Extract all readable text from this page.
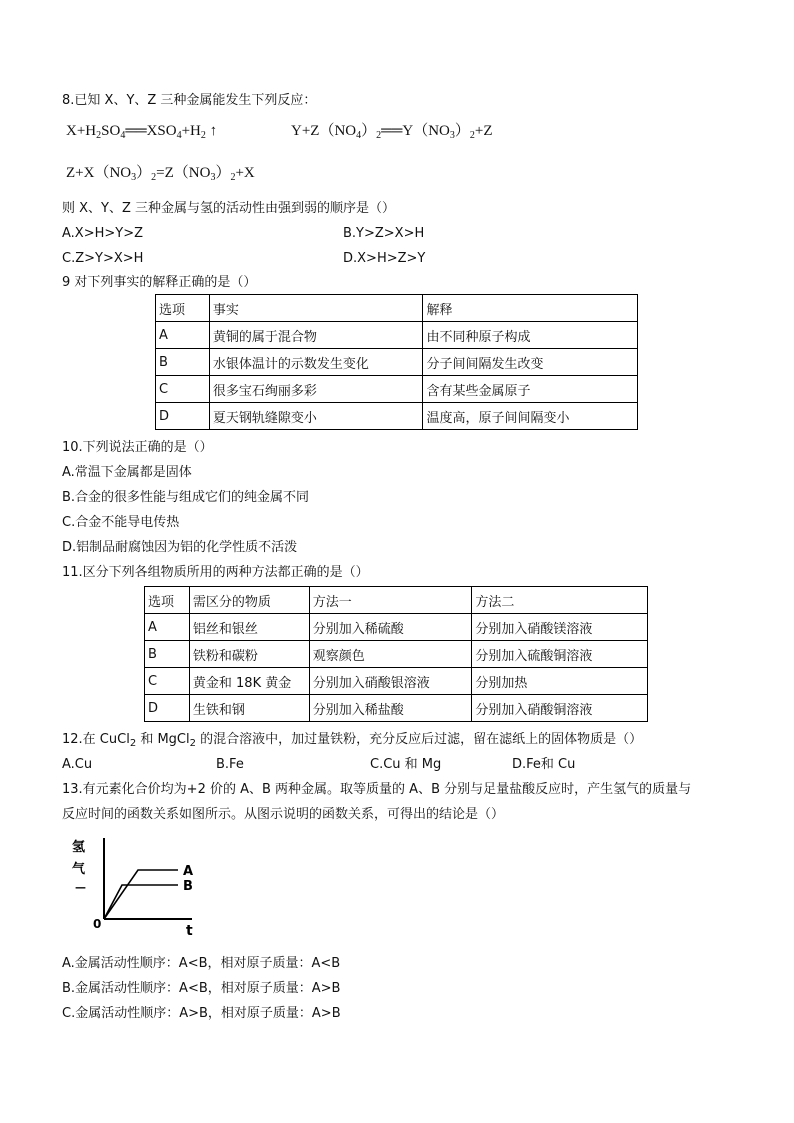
8.已知 X、Y、Z 三种金属能发生下列反应：
$X+H_2SO_4══XSO_4+H_2$ ↑	$Y+Z(NO_4)_2══Y(NO_3)_2+Z$
$Z+X(NO_3)_2=Z(NO_3)_2+X$
则 X、Y、Z 三种金属与氢的活动性由强到弱的顺序是（）
A.X>H>Y>Z	B.Y>Z>X>H
C.Z>Y>X>H	D.X>H>Z>Y
9 对下列事实的解释正确的是（）
选项	事实	解释
A	黄铜的属于混合物	由不同种原子构成
B	水银体温计的示数发生变化	分子间间隔发生改变
C	很多宝石绚丽多彩	含有某些金属原子
D	夏天钢轨缝隙变小	温度高，原子间间隔变小
10.下列说法正确的是（）
A.常温下金属都是固体
B.合金的很多性能与组成它们的纯金属不同
C.合金不能导电传热
D.铝制品耐腐蚀因为铝的化学性质不活泼
11.区分下列各组物质所用的两种方法都正确的是（）
选项	需区分的物质	方法一	方法二
A	铝丝和银丝	分别加入稀硫酸	分别加入硝酸镁溶液
B	铁粉和碳粉	观察颜色	分别加入硫酸铜溶液
C	黄金和 18K 黄金	分别加入硝酸银溶液	分别加热
D	生铁和钢	分别加入稀盐酸	分别加入硝酸铜溶液
12.在 CuCl$_2$ 和 MgCl$_2$ 的混合溶液中，加过量铁粉，充分反应后过滤，留在滤纸上的固体物质是（）
A.Cu	B.Fe	C.Cu 和 Mg	D.Fe和 Cu
13.有元素化合价均为+2 价的 A、B 两种金属。取等质量的 A、B 分别与足量盐酸反应时，产生氢气的质量与
反应时间的函数关系如图所示。从图示说明的函数关系，可得出的结论是（）
氢
气
—
A
B
0	t
A.金属活动性顺序：A<B，相对原子质量：A<B
B.金属活动性顺序：A<B，相对原子质量：A>B
C.金属活动性顺序：A>B，相对原子质量：A>B
